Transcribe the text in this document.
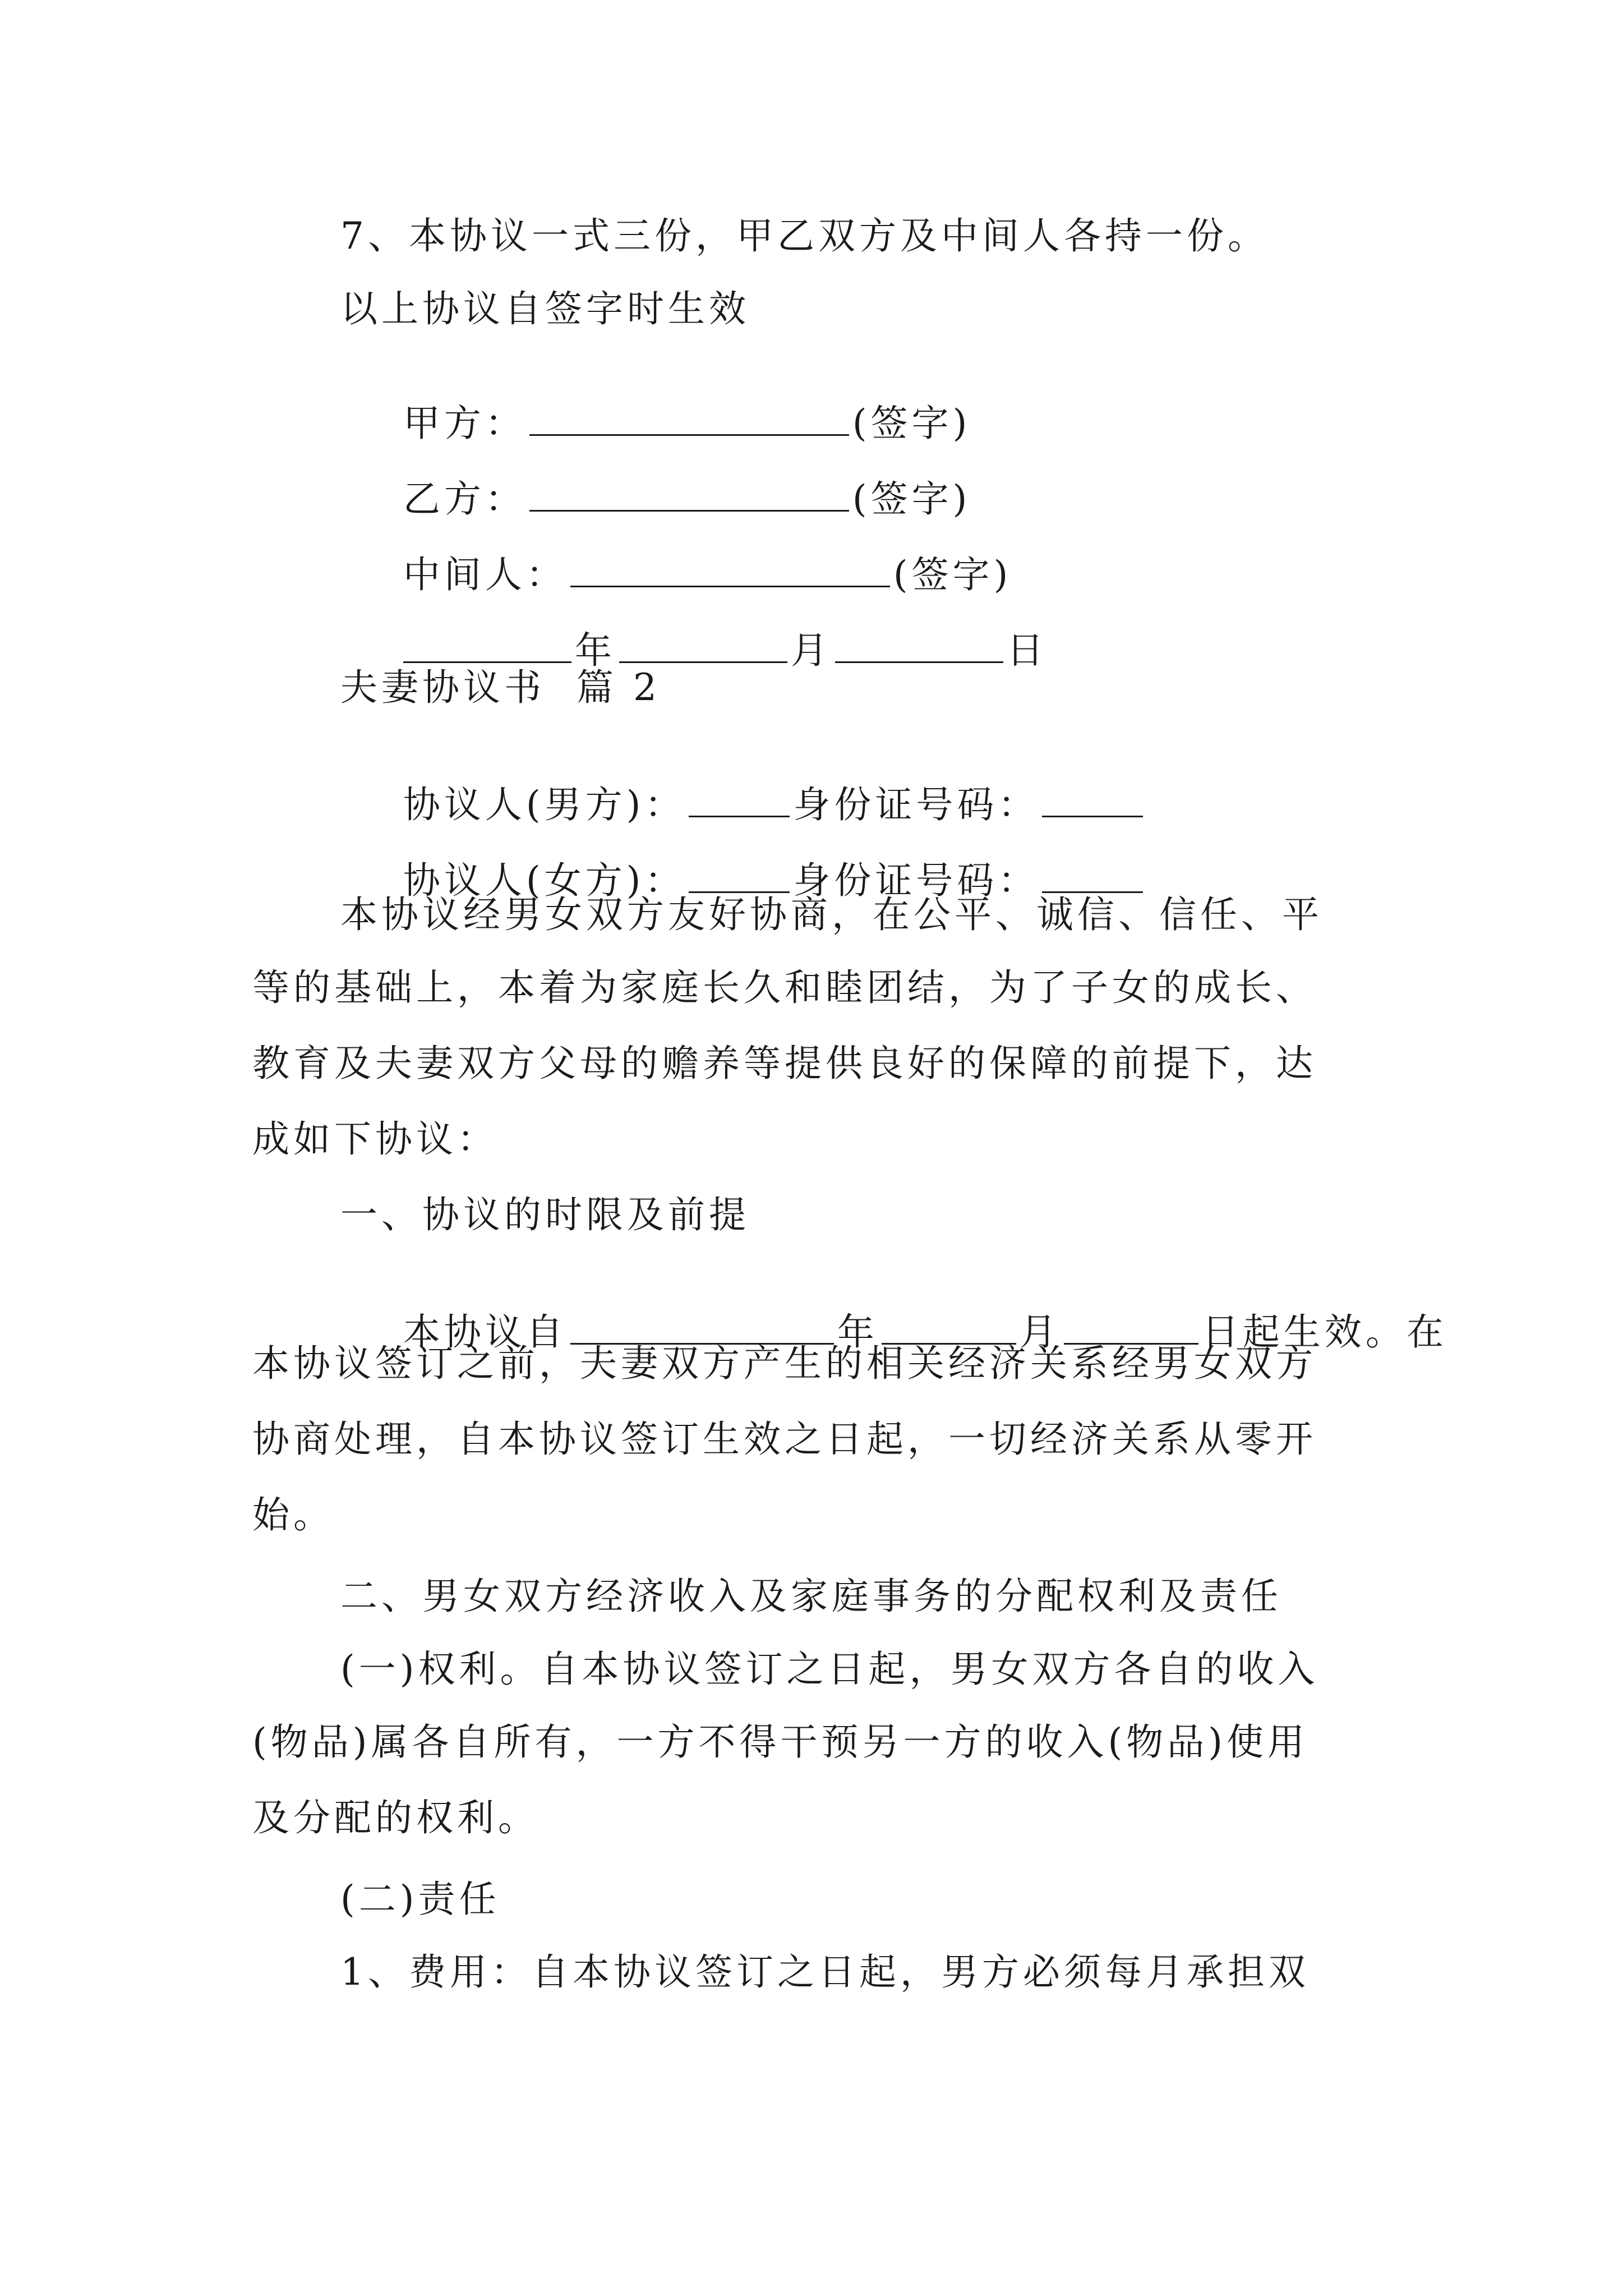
7、本协议一式三份，甲乙双方及中间人各持一份。
以上协议自签字时生效

甲方：	(签字)

乙方：	(签字)

中间人：	(签字)

年	月	日

夫妻协议书  篇 2

协议人(男方)：	身份证号码：

协议人(女方)：	身份证号码：

本协议经男女双方友好协商，在公平、诚信、信任、平
等的基础上，本着为家庭长久和睦团结，为了子女的成长、
教育及夫妻双方父母的赡养等提供良好的保障的前提下，达
成如下协议：
一、协议的时限及前提

本协议自	年	月	日起生效。在

本协议签订之前，夫妻双方产生的相关经济关系经男女双方
协商处理，自本协议签订生效之日起，一切经济关系从零开
始。
二、男女双方经济收入及家庭事务的分配权利及责任
(一)权利。自本协议签订之日起，男女双方各自的收入
(物品)属各自所有，一方不得干预另一方的收入(物品)使用
及分配的权利。
(二)责任
1、费用：自本协议签订之日起，男方必须每月承担双
